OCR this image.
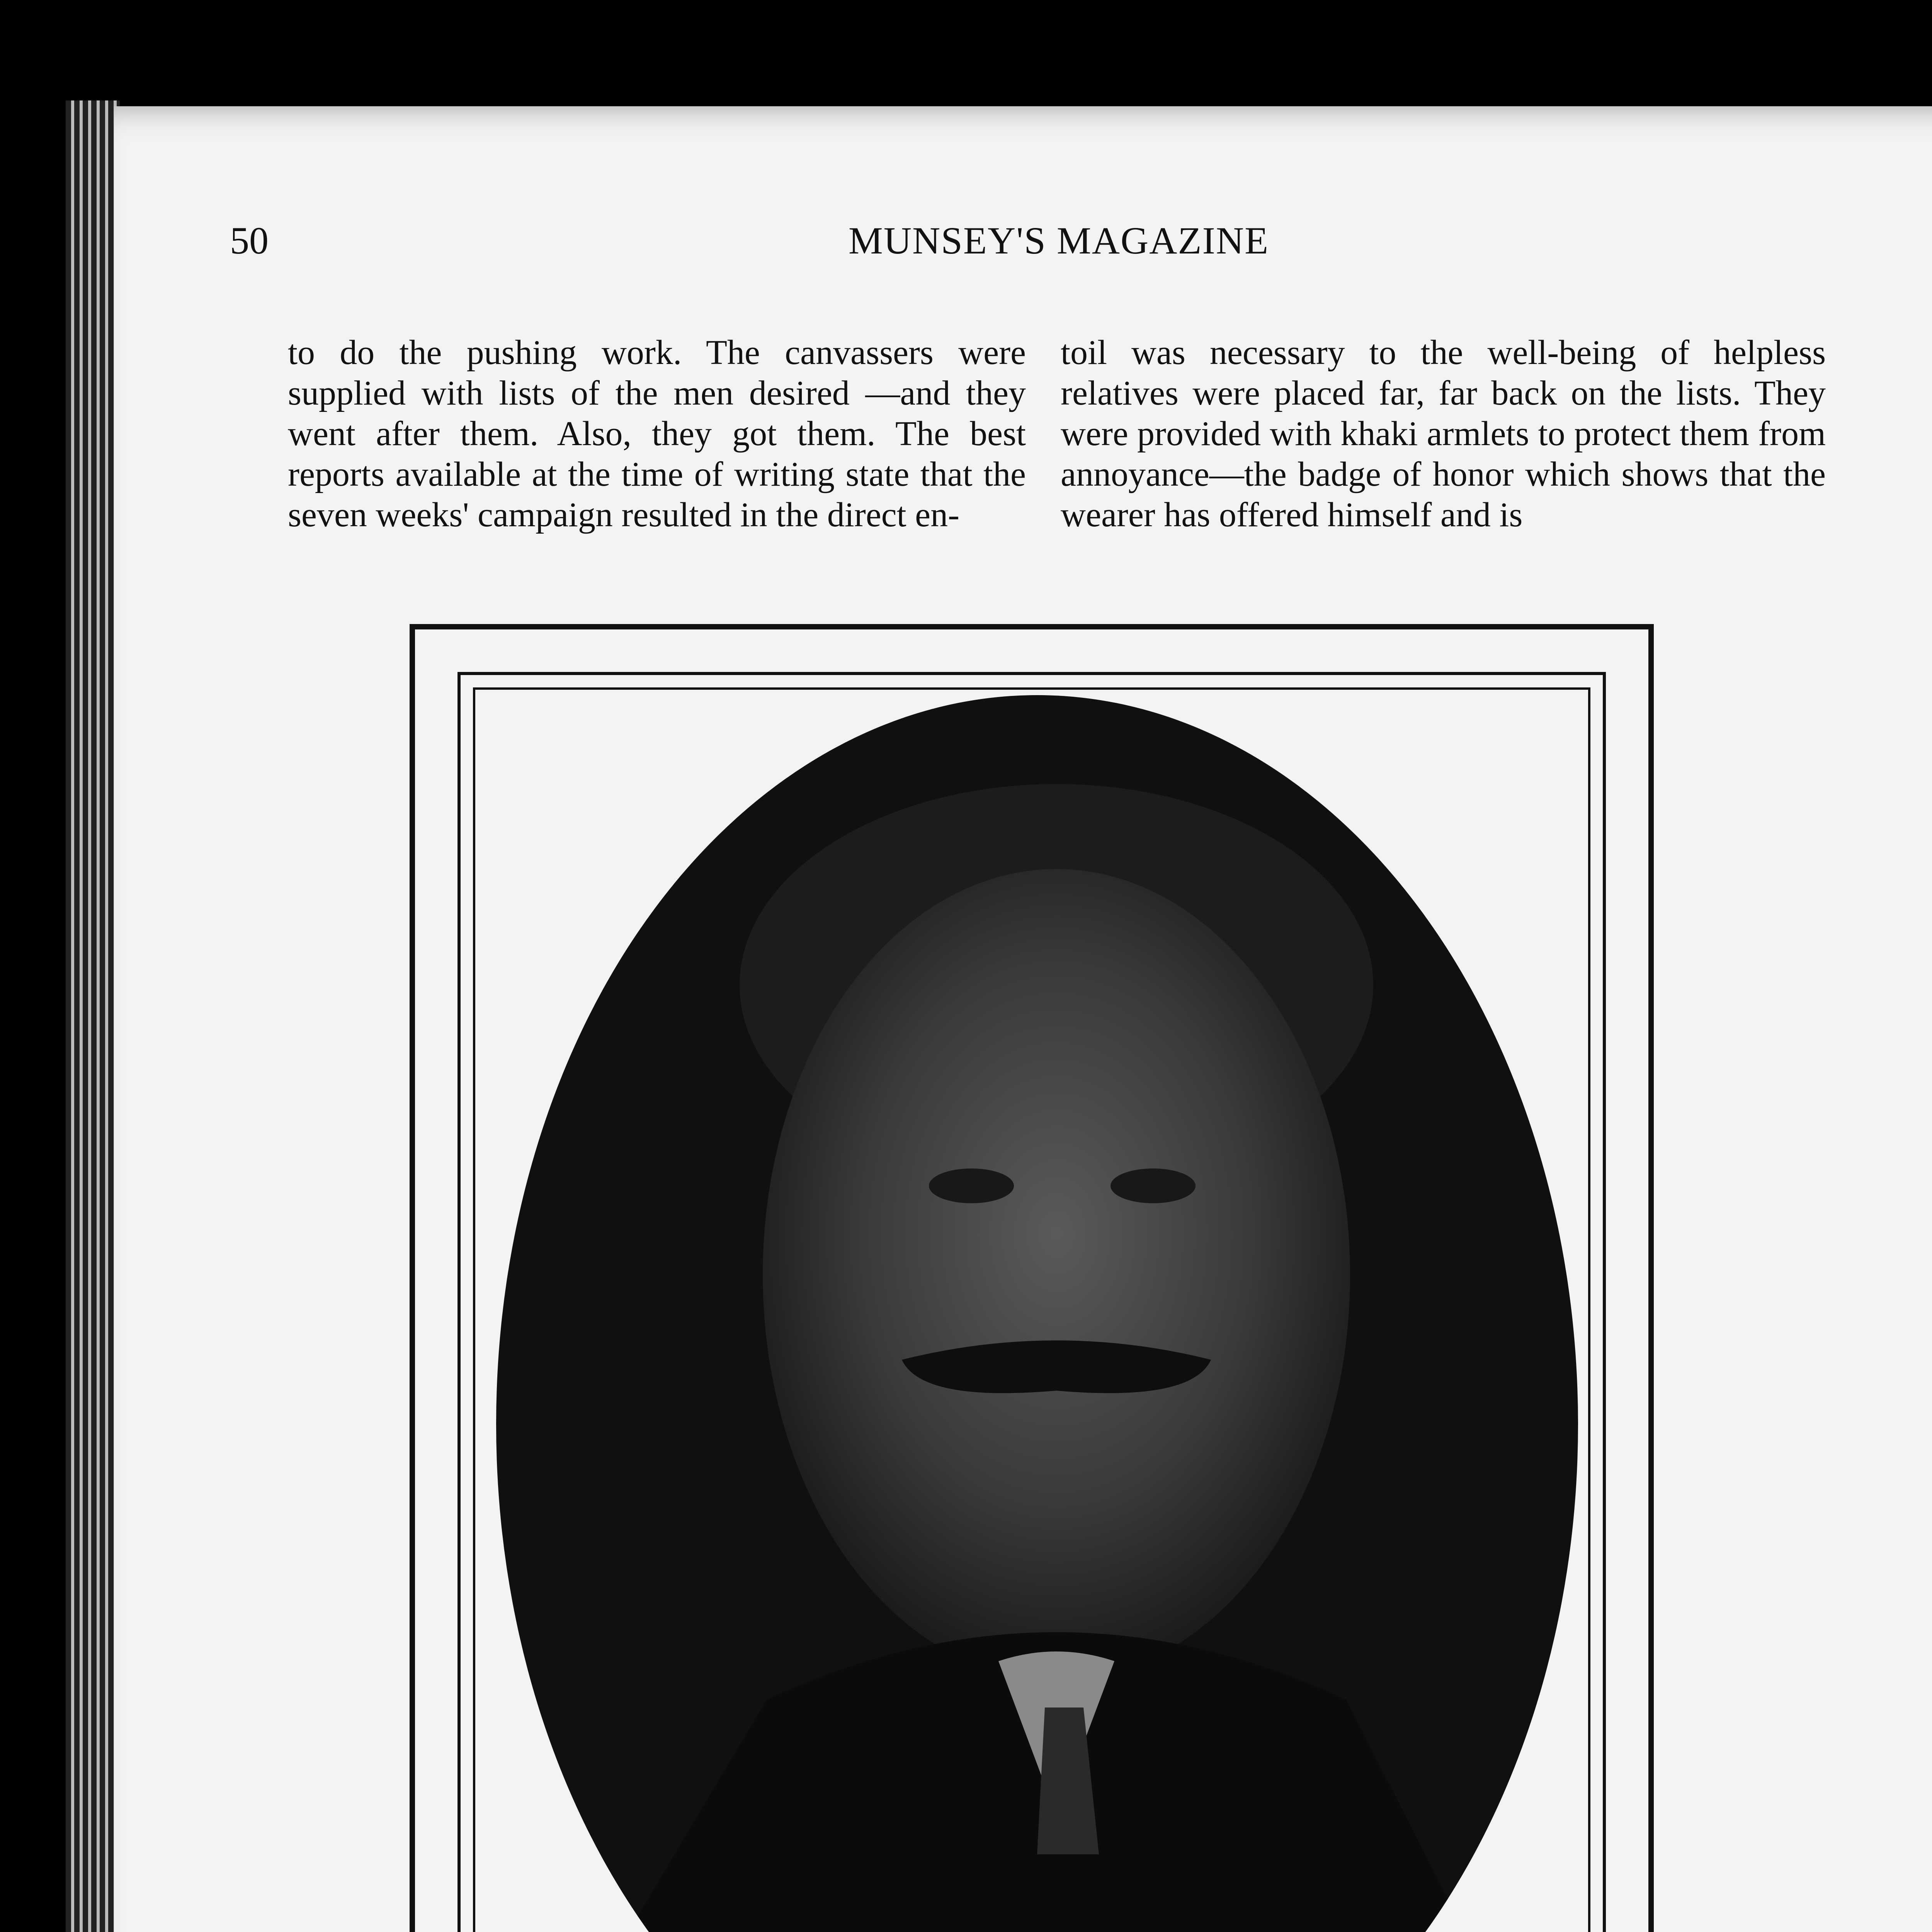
50	MUNSEY'S MAGAZINE

to do the pushing work. The canvassers were supplied with lists of the men desired —and they went after them. Also, they got them. The best reports available at the time of writing state that the seven weeks' campaign resulted in the direct en-

toil was necessary to the well-being of helpless relatives were placed far, far back on the lists. They were provided with khaki armlets to protect them from annoyance—the badge of honor which shows that the wearer has offered himself and is
